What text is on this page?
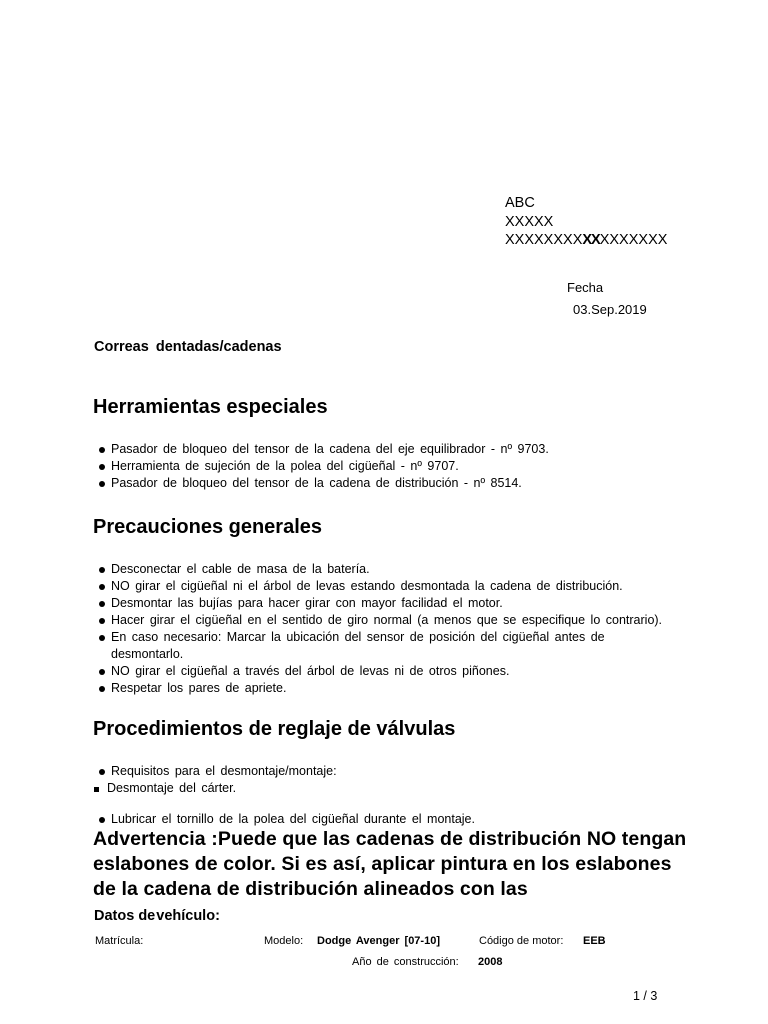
ABC
XXXXX
XXXXXXXXXXXXXXXXX
Fecha
03.Sep.2019
Correas dentadas/cadenas
Herramientas especiales
Pasador de bloqueo del tensor de la cadena del eje equilibrador - nº 9703.
Herramienta de sujeción de la polea del cigüeñal - nº 9707.
Pasador de bloqueo del tensor de la cadena de distribución - nº 8514.
Precauciones generales
Desconectar el cable de masa de la batería.
NO girar el cigüeñal ni el árbol de levas estando desmontada la cadena de distribución.
Desmontar las bujías para hacer girar con mayor facilidad el motor.
Hacer girar el cigüeñal en el sentido de giro normal (a menos que se especifique lo contrario).
En caso necesario: Marcar la ubicación del sensor de posición del cigüeñal antes de desmontarlo.
NO girar el cigüeñal a través del árbol de levas ni de otros piñones.
Respetar los pares de apriete.
Procedimientos de reglaje de válvulas
Requisitos para el desmontaje/montaje:
Desmontaje del cárter.
Lubricar el tornillo de la polea del cigüeñal durante el montaje.
Advertencia :Puede que las cadenas de distribución NO tengan eslabones de color. Si es así, aplicar pintura en los eslabones de la cadena de distribución alineados con las
Datos devehículo:
Matrícula:	Modelo: Dodge Avenger [07-10]	Código de motor: EEB
Año de construcción: 2008
1 / 3
